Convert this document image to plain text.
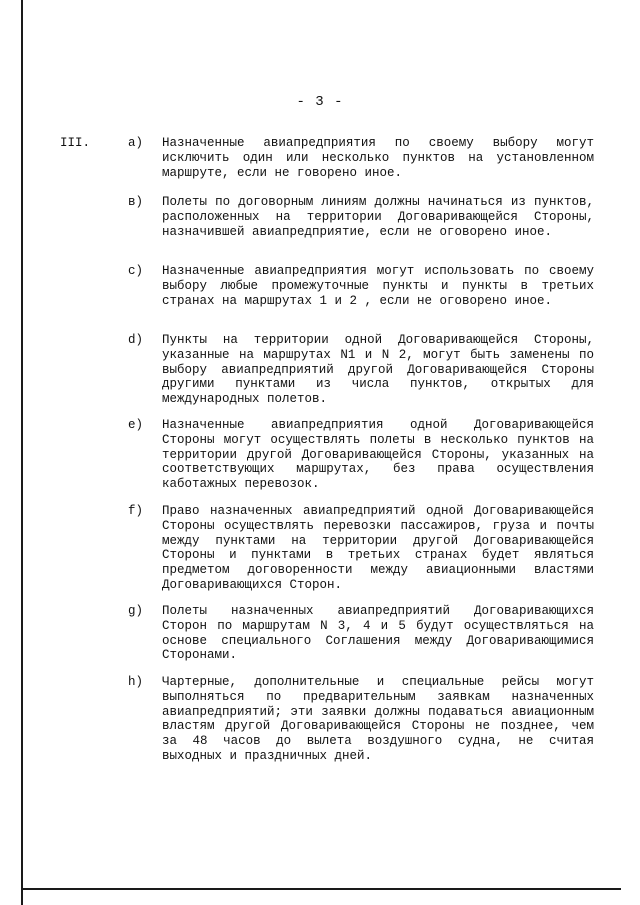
- 3 -
III.	a) Назначенные авиапредприятия по своему выбору могут исключить один или несколько пунктов на установленном маршруте, если не говорено иное.
в) Полеты по договорным линиям должны начинаться из пунктов, расположенных на территории Договаривающейся Стороны, назначившей авиапредприятие, если не оговорено иное.
c) Назначенные авиапредприятия могут использовать по своему выбору любые промежуточные пункты и пункты в третьих странах на маршрутах 1 и 2 , если не оговорено иное.
d) Пункты на территории одной Договаривающейся Стороны, указанные на маршрутах N1 и N 2, могут быть заменены по выбору авиапредприятий другой Договаривающейся Стороны другими пунктами из числа пунктов, открытых для международных полетов.
e) Назначенные авиапредприятия одной Договаривающейся Стороны могут осуществлять полеты в несколько пунктов на территории другой Договаривающейся Стороны, указанных на соответствующих маршрутах, без права осуществления каботажных перевозок.
f) Право назначенных авиапредприятий одной Договаривающейся Стороны осуществлять перевозки пассажиров, груза и почты между пунктами на территории другой Договаривающейся Стороны и пунктами в третьих странах будет являться предметом договоренности между авиационными властями Договаривающихся Сторон.
g) Полеты назначенных авиапредприятий Договаривающихся Сторон по маршрутам N 3, 4 и 5 будут осуществляться на основе специального Соглашения между Договаривающимися Сторонами.
h) Чартерные, дополнительные и специальные рейсы могут выполняться по предварительным заявкам назначенных авиапредприятий; эти заявки должны подаваться авиационным властям другой Договаривающейся Стороны не позднее, чем за 48 часов до вылета воздушного судна, не считая выходных и праздничных дней.
